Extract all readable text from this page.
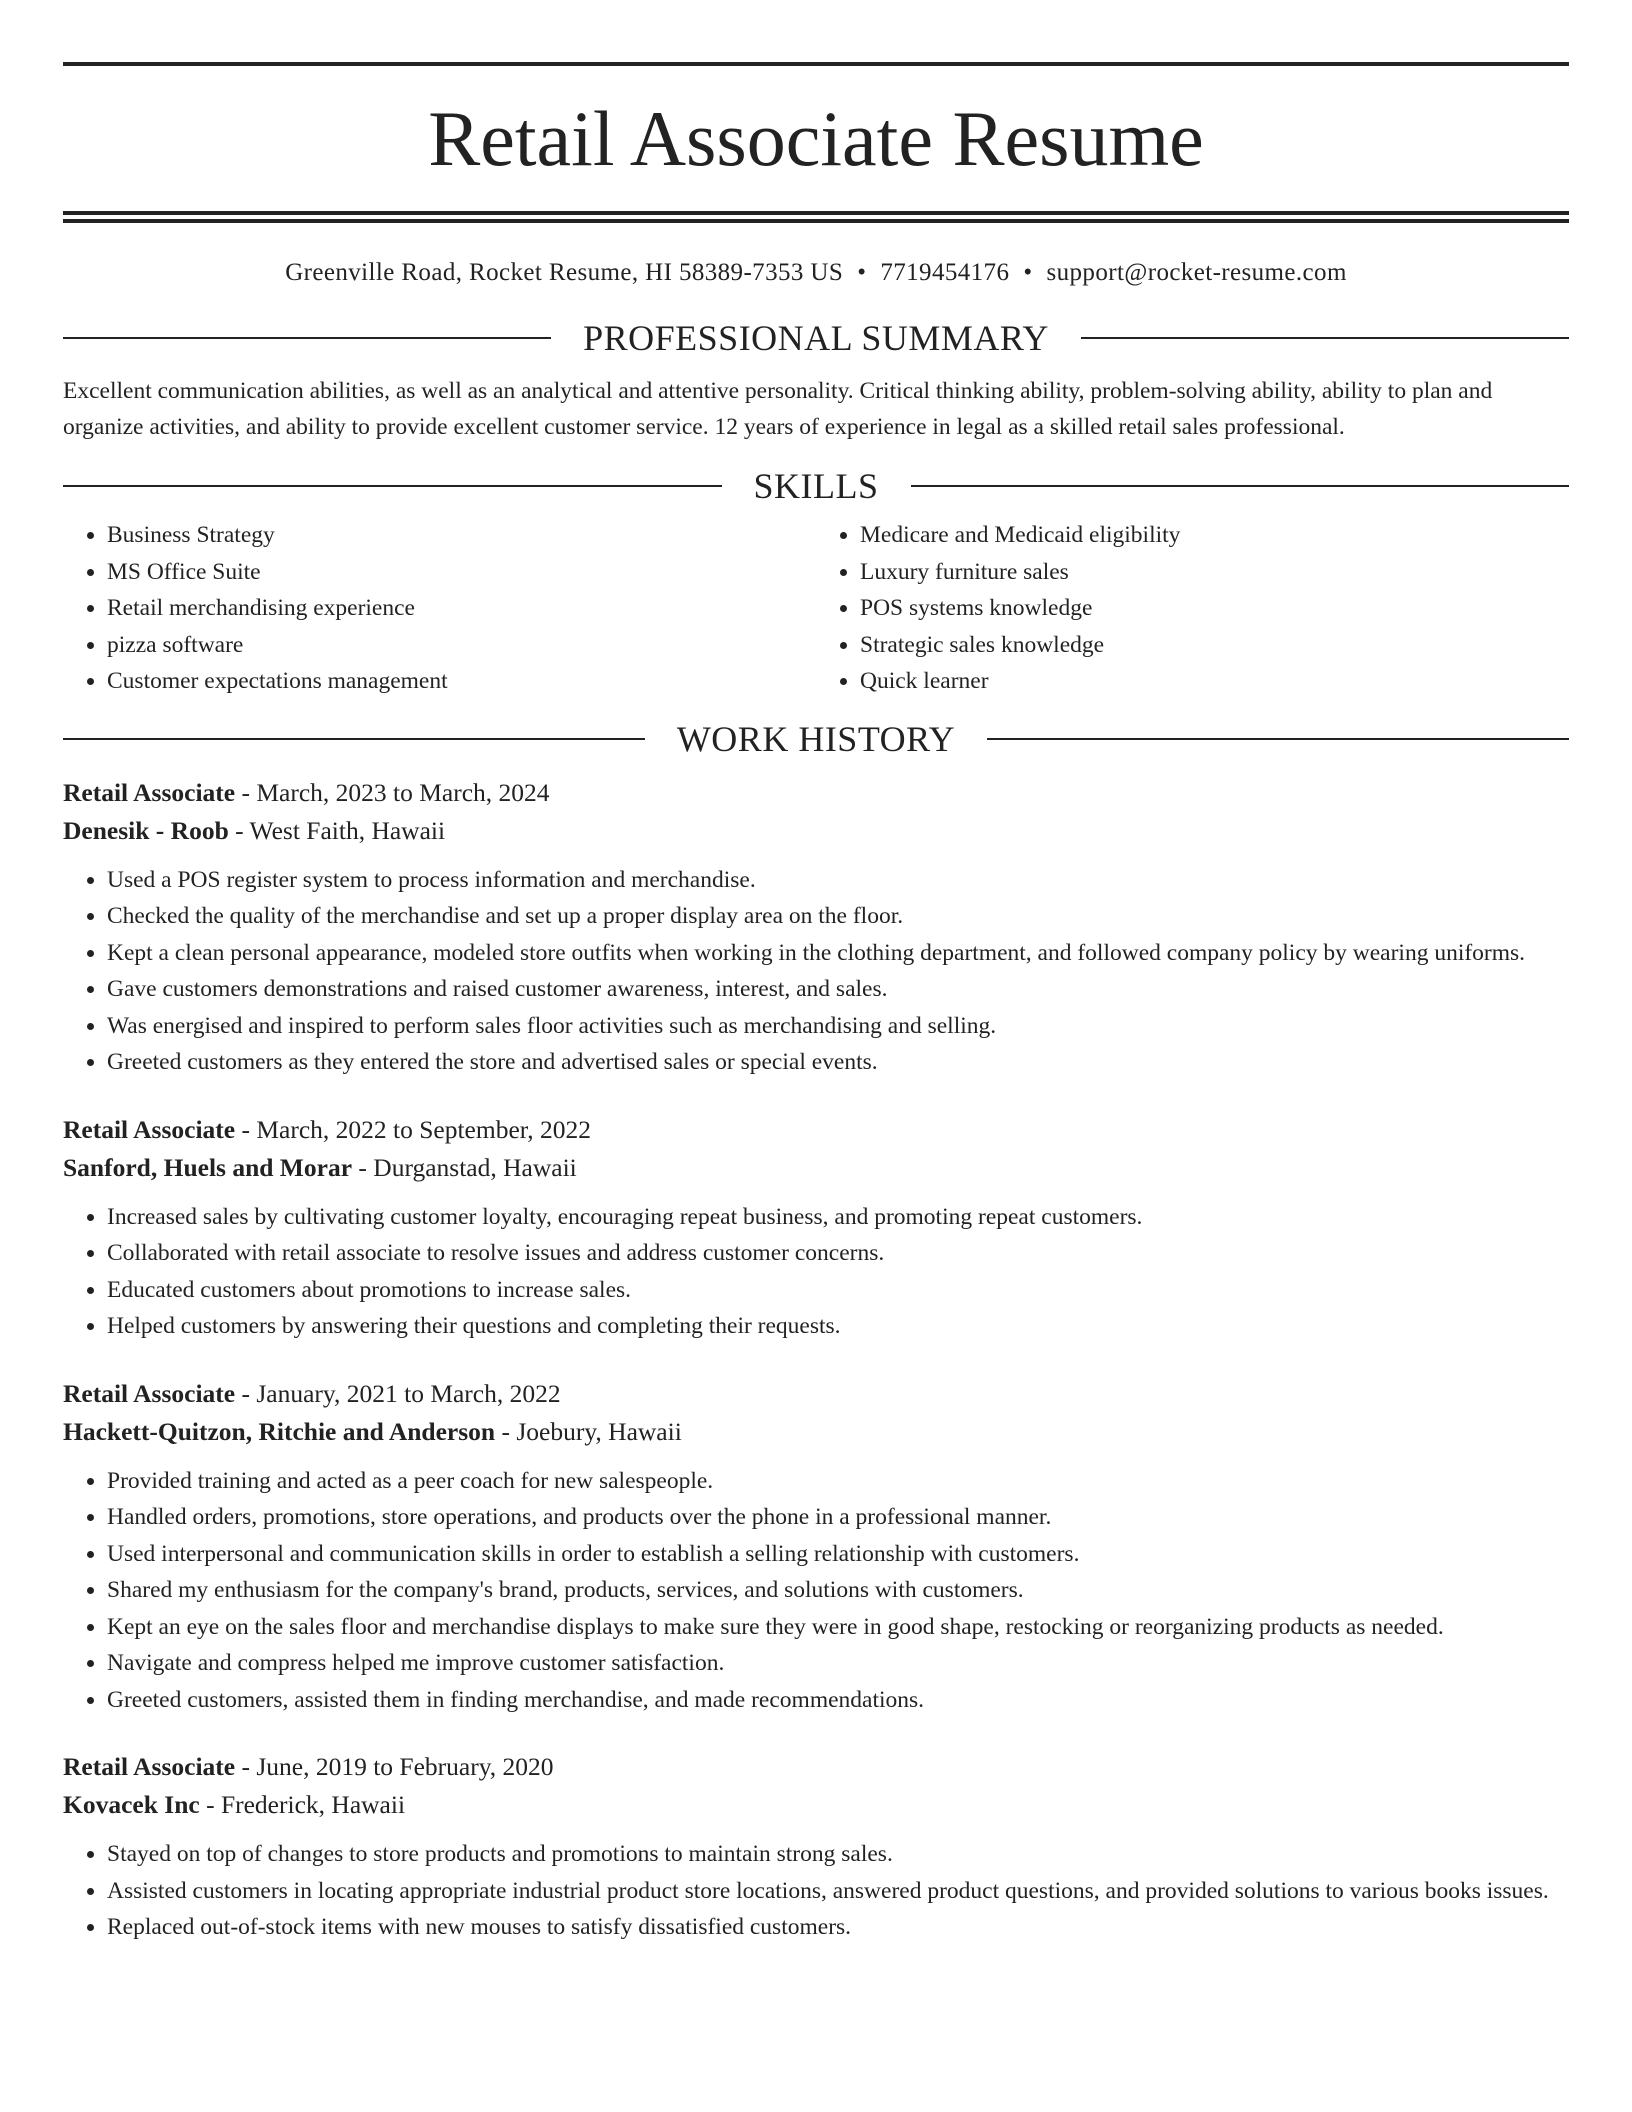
Retail Associate Resume
Greenville Road, Rocket Resume, HI 58389-7353 US • 7719454176 • support@rocket-resume.com
PROFESSIONAL SUMMARY
Excellent communication abilities, as well as an analytical and attentive personality. Critical thinking ability, problem-solving ability, ability to plan and organize activities, and ability to provide excellent customer service. 12 years of experience in legal as a skilled retail sales professional.
SKILLS
• Business Strategy
• MS Office Suite
• Retail merchandising experience
• pizza software
• Customer expectations management
• Medicare and Medicaid eligibility
• Luxury furniture sales
• POS systems knowledge
• Strategic sales knowledge
• Quick learner
WORK HISTORY
Retail Associate - March, 2023 to March, 2024
Denesik - Roob - West Faith, Hawaii
• Used a POS register system to process information and merchandise.
• Checked the quality of the merchandise and set up a proper display area on the floor.
• Kept a clean personal appearance, modeled store outfits when working in the clothing department, and followed company policy by wearing uniforms.
• Gave customers demonstrations and raised customer awareness, interest, and sales.
• Was energised and inspired to perform sales floor activities such as merchandising and selling.
• Greeted customers as they entered the store and advertised sales or special events.
Retail Associate - March, 2022 to September, 2022
Sanford, Huels and Morar - Durganstad, Hawaii
• Increased sales by cultivating customer loyalty, encouraging repeat business, and promoting repeat customers.
• Collaborated with retail associate to resolve issues and address customer concerns.
• Educated customers about promotions to increase sales.
• Helped customers by answering their questions and completing their requests.
Retail Associate - January, 2021 to March, 2022
Hackett-Quitzon, Ritchie and Anderson - Joebury, Hawaii
• Provided training and acted as a peer coach for new salespeople.
• Handled orders, promotions, store operations, and products over the phone in a professional manner.
• Used interpersonal and communication skills in order to establish a selling relationship with customers.
• Shared my enthusiasm for the company's brand, products, services, and solutions with customers.
• Kept an eye on the sales floor and merchandise displays to make sure they were in good shape, restocking or reorganizing products as needed.
• Navigate and compress helped me improve customer satisfaction.
• Greeted customers, assisted them in finding merchandise, and made recommendations.
Retail Associate - June, 2019 to February, 2020
Kovacek Inc - Frederick, Hawaii
• Stayed on top of changes to store products and promotions to maintain strong sales.
• Assisted customers in locating appropriate industrial product store locations, answered product questions, and provided solutions to various books issues.
• Replaced out-of-stock items with new mouses to satisfy dissatisfied customers.
